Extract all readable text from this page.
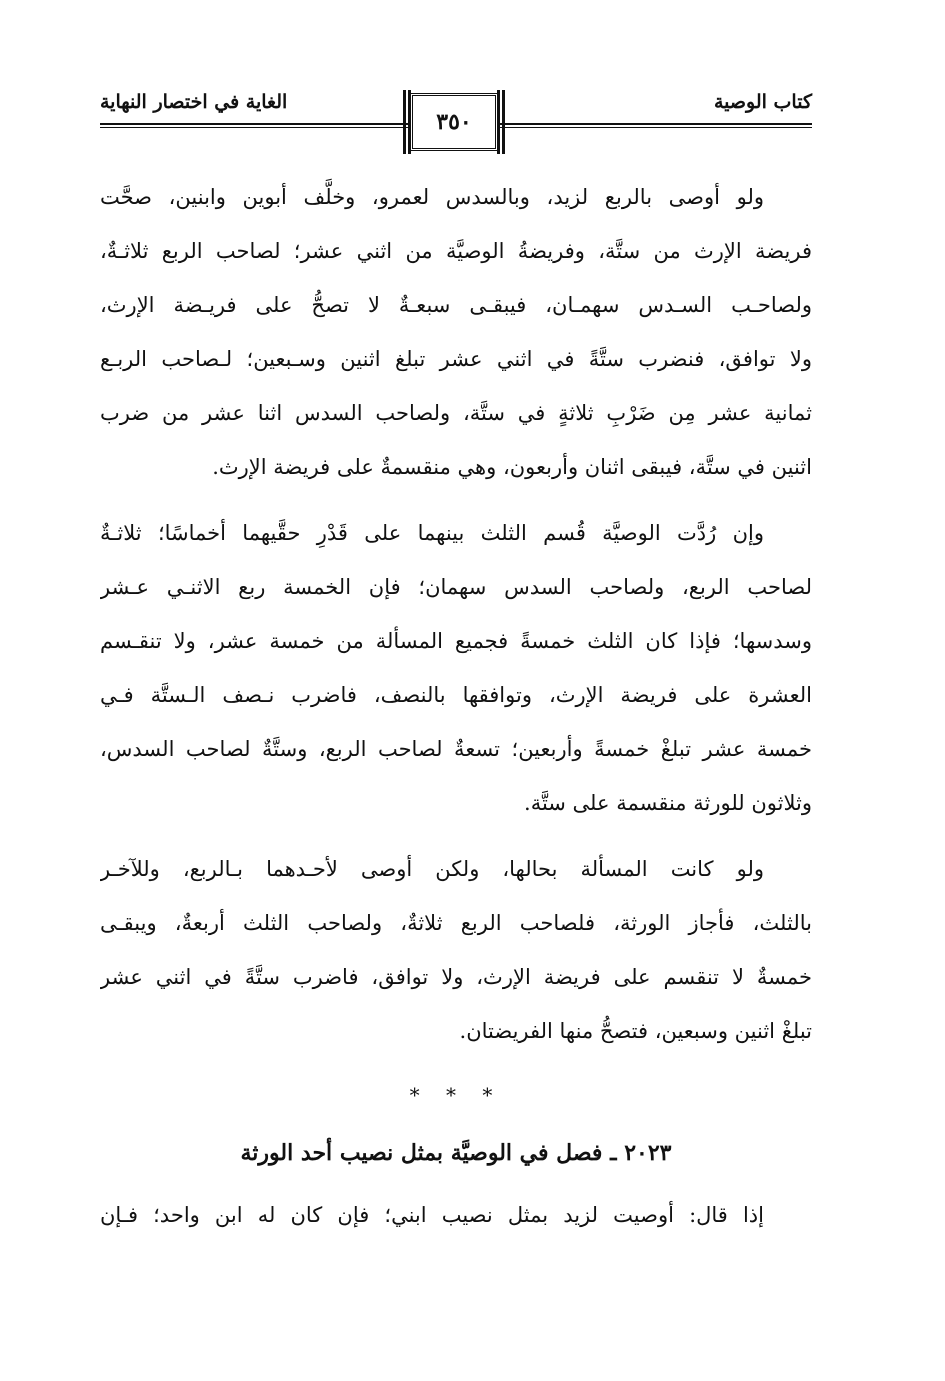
كتاب الوصية
٣٥٠
الغاية في اختصار النهاية
ولو أوصى بالربع لزيد، وبالسدس لعمرو، وخلَّف أبوين وابنين، صحَّت
فريضة الإرث من ستَّة، وفريضةُ الوصيَّة من اثني عشر؛ لصاحب الربع ثلاثـةٌ،
ولصاحـب السـدس سهمـان، فيبقـى سبعـةٌ لا تصحُّ على فريـضة الإرث،
ولا توافق، فنضرب ستَّةً في اثني عشر تبلغ اثنين وسـبعين؛ لـصاحب الربـع
ثمانية عشر مِن ضَرْبِ ثلاثةٍ في ستَّة، ولصاحب السدس اثنا عشر من ضرب
اثنين في ستَّة، فيبقى اثنان وأربعون، وهي منقسمةٌ على فريضة الإرث.
وإن رُدَّت الوصيَّة قُسم الثلث بينهما على قَدْرِ حقَّيهما أخماسًا؛ ثلاثـةٌ
لصاحب الربع، ولصاحب السدس سهمان؛ فإن الخمسة ربع الاثنـي عـشر
وسدسها؛ فإذا كان الثلث خمسةً فجميع المسألة من خمسة عشر، ولا تنقـسم
العشرة على فريضة الإرث، وتوافقها بالنصف، فاضرب نـصف الـستَّة فـي
خمسة عشر تبلغْ خمسةً وأربعين؛ تسعةٌ لصاحب الربع، وستَّةٌ لصاحب السدس،
وثلاثون للورثة منقسمة على ستَّة.
ولو كانت المسألة بحالها، ولكن أوصى لأحـدهما بـالربع، وللآخـر
بالثلث، فأجاز الورثة، فلصاحب الربع ثلاثةٌ، ولصاحب الثلث أربعةٌ، ويبقـى
خمسةٌ لا تنقسم على فريضة الإرث، ولا توافق، فاضرب ستَّةً في اثني عشر
تبلغْ اثنين وسبعين، فتصحُّ منها الفريضتان.
* * *
٢٠٢٣ ـ فصل في الوصيَّة بمثل نصيب أحد الورثة
إذا قال: أوصيت لزيد بمثل نصيب ابني؛ فإن كان له ابن واحد؛ فـإن
